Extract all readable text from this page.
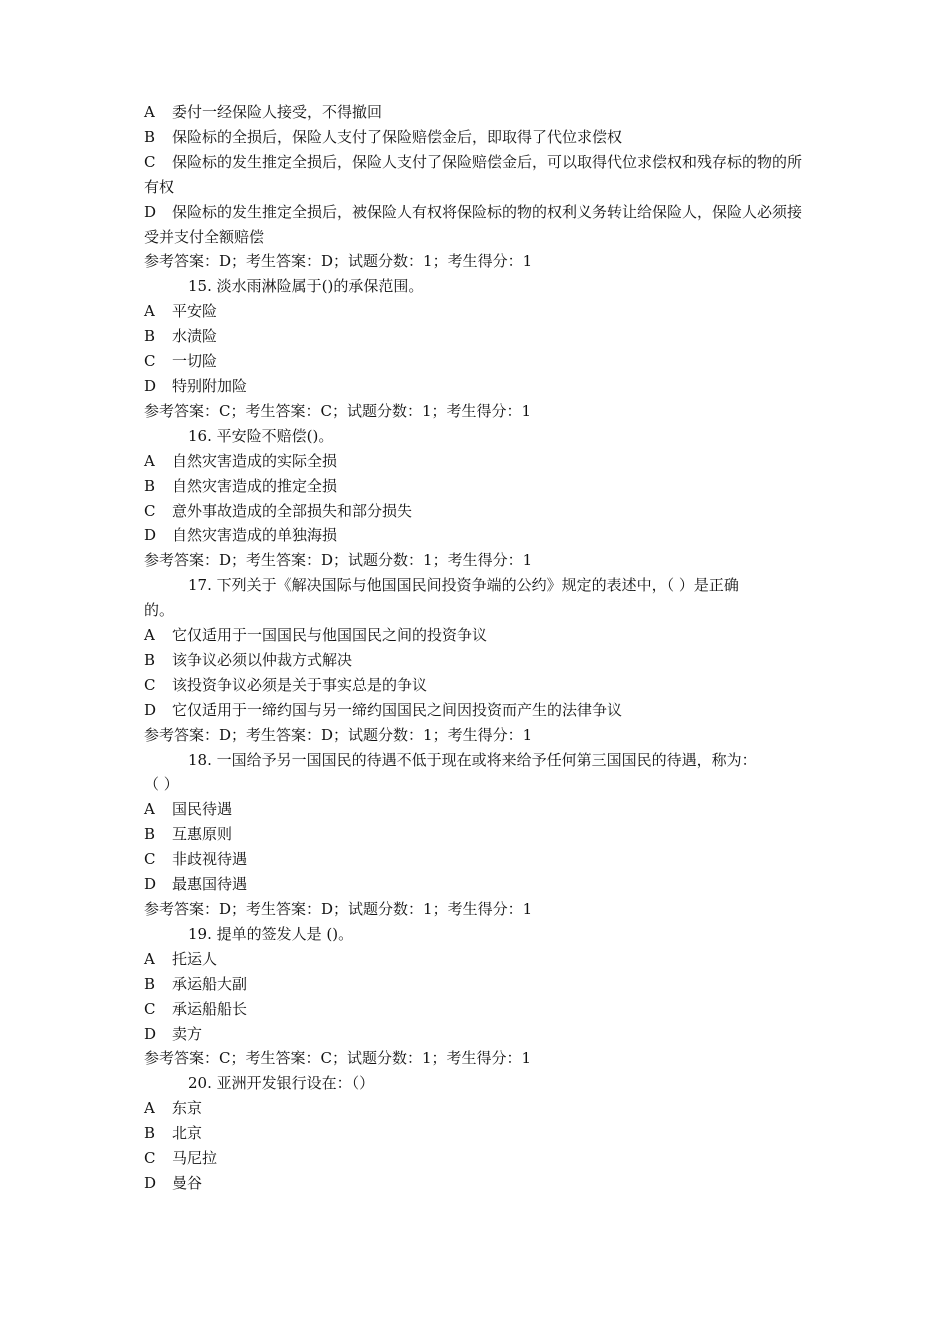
A 委付一经保险人接受，不得撤回
B 保险标的全损后，保险人支付了保险赔偿金后，即取得了代位求偿权
C 保险标的发生推定全损后，保险人支付了保险赔偿金后，可以取得代位求偿权和残存标的物的所有权
D 保险标的发生推定全损后，被保险人有权将保险标的物的权利义务转让给保险人，保险人必须接受并支付全额赔偿
参考答案：D；考生答案：D；试题分数：1；考生得分：1
15. 淡水雨淋险属于()的承保范围。
A 平安险
B 水渍险
C 一切险
D 特别附加险
参考答案：C；考生答案：C；试题分数：1；考生得分：1
16. 平安险不赔偿()。
A 自然灾害造成的实际全损
B 自然灾害造成的推定全损
C 意外事故造成的全部损失和部分损失
D 自然灾害造成的单独海损
参考答案：D；考生答案：D；试题分数：1；考生得分：1
17. 下列关于《解决国际与他国国民间投资争端的公约》规定的表述中，（ ）是正确
的。
A 它仅适用于一国国民与他国国民之间的投资争议
B 该争议必须以仲裁方式解决
C 该投资争议必须是关于事实总是的争议
D 它仅适用于一缔约国与另一缔约国国民之间因投资而产生的法律争议
参考答案：D；考生答案：D；试题分数：1；考生得分：1
18. 一国给予另一国国民的待遇不低于现在或将来给予任何第三国国民的待遇，称为：
（ ）
A 国民待遇
B 互惠原则
C 非歧视待遇
D 最惠国待遇
参考答案：D；考生答案：D；试题分数：1；考生得分：1
19. 提单的签发人是 ()。
A 托运人
B 承运船大副
C 承运船船长
D 卖方
参考答案：C；考生答案：C；试题分数：1；考生得分：1
20. 亚洲开发银行设在：（）
A 东京
B 北京
C 马尼拉
D 曼谷
